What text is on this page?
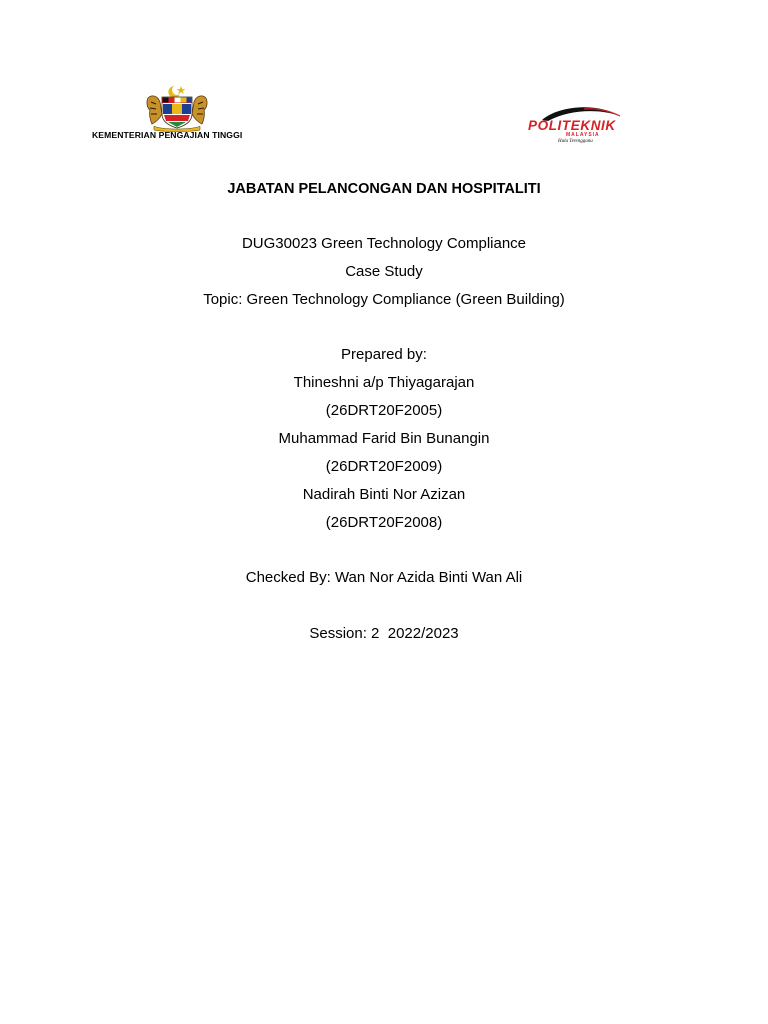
KEMENTERIAN PENGAJIAN TINGGI
POLITEKNIK
MALAYSIA
Hulu Terengganu
JABATAN PELANCONGAN DAN HOSPITALITI
DUG30023 Green Technology Compliance
Case Study
Topic: Green Technology Compliance (Green Building)
Prepared by:
Thineshni a/p Thiyagarajan
(26DRT20F2005)
Muhammad Farid Bin Bunangin
(26DRT20F2009)
Nadirah Binti Nor Azizan
(26DRT20F2008)
Checked By: Wan Nor Azida Binti Wan Ali
Session: 2  2022/2023
